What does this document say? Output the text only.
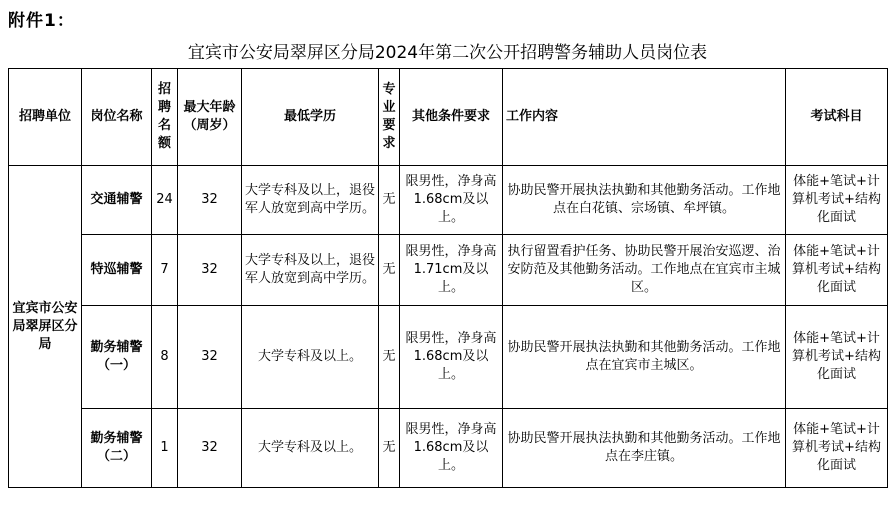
附件1：
宜宾市公安局翠屏区分局2024年第二次公开招聘警务辅助人员岗位表
招聘单位	岗位名称	招聘名额	最大年龄（周岁）	最低学历	专业要求	其他条件要求	工作内容	考试科目
宜宾市公安局翠屏区分局	交通辅警	24	32	大学专科及以上，退役军人放宽到高中学历。	无	限男性，净身高1.68cm及以上。	协助民警开展执法执勤和其他勤务活动。工作地点在白花镇、宗场镇、牟坪镇。	体能+笔试+计算机考试+结构化面试
	特巡辅警	7	32	大学专科及以上，退役军人放宽到高中学历。	无	限男性，净身高1.71cm及以上。	执行留置看护任务、协助民警开展治安巡逻、治安防范及其他勤务活动。工作地点在宜宾市主城区。	体能+笔试+计算机考试+结构化面试
	勤务辅警（一）	8	32	大学专科及以上。	无	限男性，净身高1.68cm及以上。	协助民警开展执法执勤和其他勤务活动。工作地点在宜宾市主城区。	体能+笔试+计算机考试+结构化面试
	勤务辅警（二）	1	32	大学专科及以上。	无	限男性，净身高1.68cm及以上。	协助民警开展执法执勤和其他勤务活动。工作地点在李庄镇。	体能+笔试+计算机考试+结构化面试
